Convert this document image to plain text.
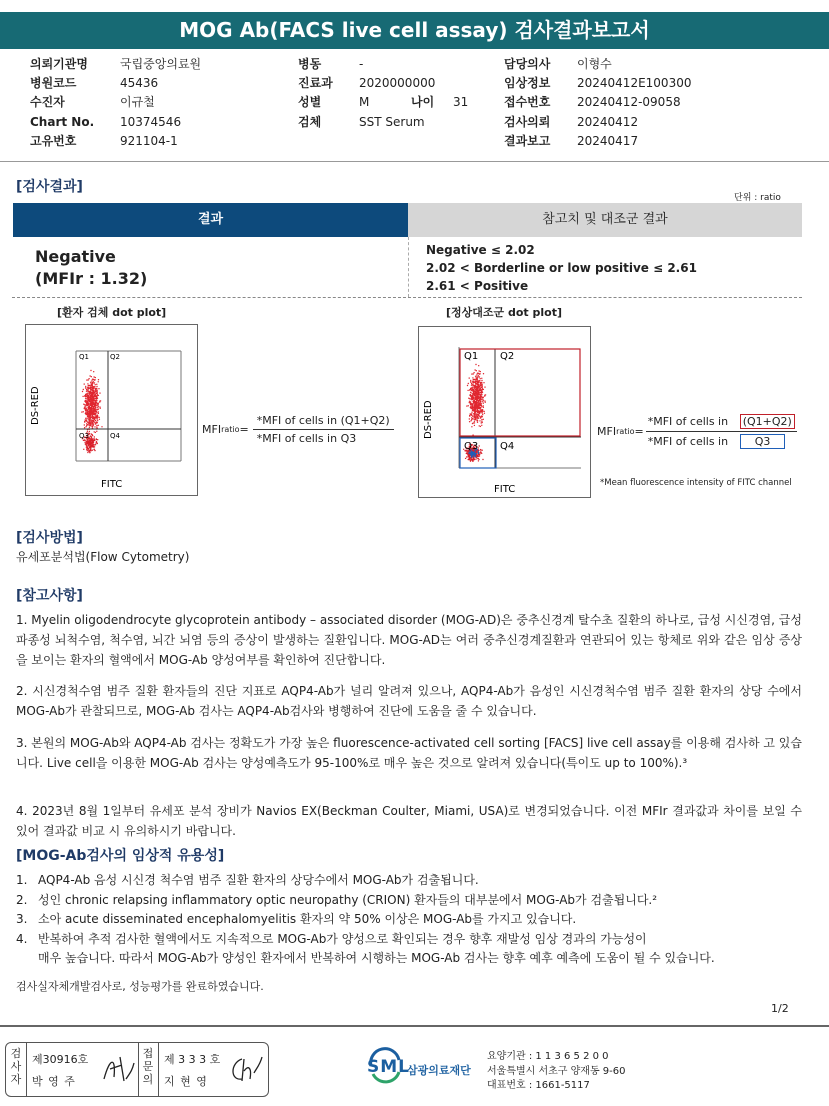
MOG Ab(FACS live cell assay) 검사결과보고서
의뢰기관명	국립중앙의료원
병원코드	45436
수진자	이규철
Chart No.	10374546
고유번호	921104-1
병동	-
진료과	2020000000
성별	M	나이	31
검체	SST Serum
담당의사	이형수
임상정보	20240412E100300
접수번호	20240412-09058
검사의뢰	20240412
결과보고	20240417
[검사결과]
단위 : ratio
결과	참고치 및 대조군 결과
Negative
(MFIr : 1.32)
Negative ≤ 2.02
2.02 < Borderline or low positive ≤ 2.61
2.61 < Positive
[환자 검체 dot plot]	[정상대조군 dot plot]
Q1	Q2
Q3	Q4
DS-RED
FITC
MFI ratio =
*MFI of cells in (Q1+Q2)
*MFI of cells in Q3
Q1 Q2
Q3 Q4
DS-RED
FITC
MFI ratio =
*MFI of cells in	(Q1+Q2)
*MFI of cells in	Q3
*Mean fluorescence intensity of FITC channel
[검사방법]
유세포분석법(Flow Cytometry)
[참고사항]
1. Myelin oligodendrocyte glycoprotein antibody – associated disorder (MOG-AD)은 중추신경계 탈수초 질환의 하나로, 급성 시신경염, 급성파종성 뇌척수염, 척수염, 뇌간 뇌염 등의 증상이 발생하는 질환입니다. MOG-AD는 여러 중추신경계질환과 연관되어 있는 항체로 위와 같은 임상 증상을 보이는 환자의 혈액에서 MOG-Ab 양성여부를 확인하여 진단합니다.
2. 시신경척수염 범주 질환 환자들의 진단 지표로 AQP4-Ab가 널리 알려져 있으나, AQP4-Ab가 음성인 시신경척수염 범주 질환 환자의 상당 수에서 MOG-Ab가 관찰되므로, MOG-Ab 검사는 AQP4-Ab검사와 병행하여 진단에 도움을 줄 수 있습니다.
3. 본원의 MOG-Ab와 AQP4-Ab 검사는 정확도가 가장 높은 fluorescence-activated cell sorting [FACS] live cell assay를 이용해 검사하 고 있습니다. Live cell을 이용한 MOG-Ab 검사는 양성예측도가 95-100%로 매우 높은 것으로 알려져 있습니다(특이도 up to 100%).³
4. 2023년 8월 1일부터 유세포 분석 장비가 Navios EX(Beckman Coulter, Miami, USA)로 변경되었습니다. 이전 MFIr 결과값과 차이를 보일 수 있어 결과값 비교 시 유의하시기 바랍니다.
[MOG-Ab검사의 임상적 유용성]
1. AQP4-Ab 음성 시신경 척수염 범주 질환 환자의 상당수에서 MOG-Ab가 검출됩니다.
2. 성인 chronic relapsing inflammatory optic neuropathy (CRION) 환자들의 대부분에서 MOG-Ab가 검출됩니다.²
3. 소아 acute disseminated encephalomyelitis 환자의 약 50% 이상은 MOG-Ab를 가지고 있습니다.
4. 반복하여 추적 검사한 혈액에서도 지속적으로 MOG-Ab가 양성으로 확인되는 경우 향후 재발성 임상 경과의 가능성이
매우 높습니다. 따라서 MOG-Ab가 양성인 환자에서 반복하여 시행하는 MOG-Ab 검사는 향후 예후 예측에 도움이 될 수 있습니다.
검사실자체개발검사로, 성능평가를 완료하였습니다.
1/2
검사자
제30916호
박 영 주
접문의
제 3 3 3 호
지 현 영
SML
삼광의료재단
요양기관 : 1 1 3 6 5 2 0 0
서울특별시 서초구 양재동 9-60
대표번호 : 1661-5117
